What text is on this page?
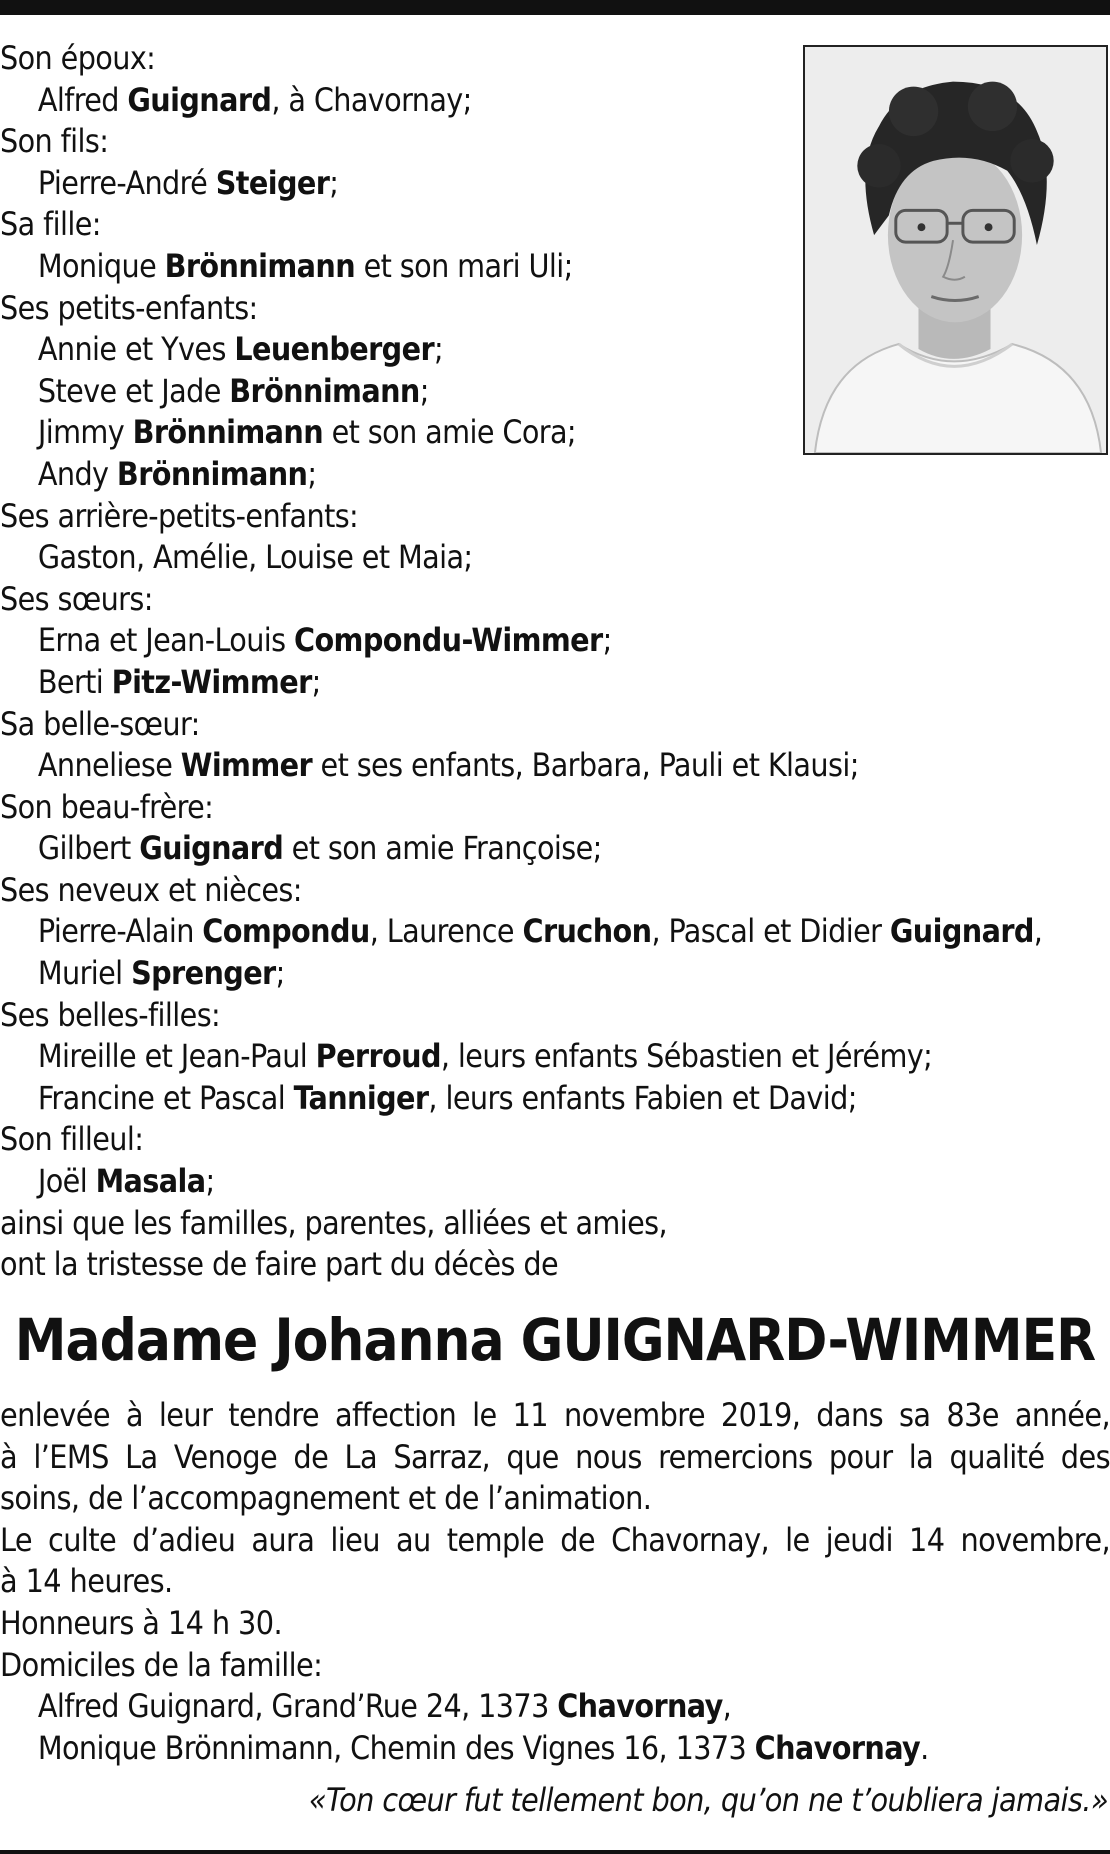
Son époux:
Alfred Guignard, à Chavornay;
Son fils:
Pierre-André Steiger;
Sa fille:
Monique Brönnimann et son mari Uli;
Ses petits-enfants:
Annie et Yves Leuenberger;
Steve et Jade Brönnimann;
Jimmy Brönnimann et son amie Cora;
Andy Brönnimann;
Ses arrière-petits-enfants:
Gaston, Amélie, Louise et Maia;
Ses sœurs:
Erna et Jean-Louis Compondu-Wimmer;
Berti Pitz-Wimmer;
Sa belle-sœur:
Anneliese Wimmer et ses enfants, Barbara, Pauli et Klausi;
Son beau-frère:
Gilbert Guignard et son amie Françoise;
Ses neveux et nièces:
Pierre-Alain Compondu, Laurence Cruchon, Pascal et Didier Guignard,
Muriel Sprenger;
Ses belles-filles:
Mireille et Jean-Paul Perroud, leurs enfants Sébastien et Jérémy;
Francine et Pascal Tanniger, leurs enfants Fabien et David;
Son filleul:
Joël Masala;
ainsi que les familles, parentes, alliées et amies,
ont la tristesse de faire part du décès de
Madame Johanna GUIGNARD-WIMMER
enlevée à leur tendre affection le 11 novembre 2019, dans sa 83e année,
à l’EMS La Venoge de La Sarraz, que nous remercions pour la qualité des
soins, de l’accompagnement et de l’animation.
Le culte d’adieu aura lieu au temple de Chavornay, le jeudi 14 novembre,
à 14 heures.
Honneurs à 14 h 30.
Domiciles de la famille:
Alfred Guignard, Grand’Rue 24, 1373 Chavornay,
Monique Brönnimann, Chemin des Vignes 16, 1373 Chavornay.
«Ton cœur fut tellement bon, qu’on ne t’oubliera jamais.»
